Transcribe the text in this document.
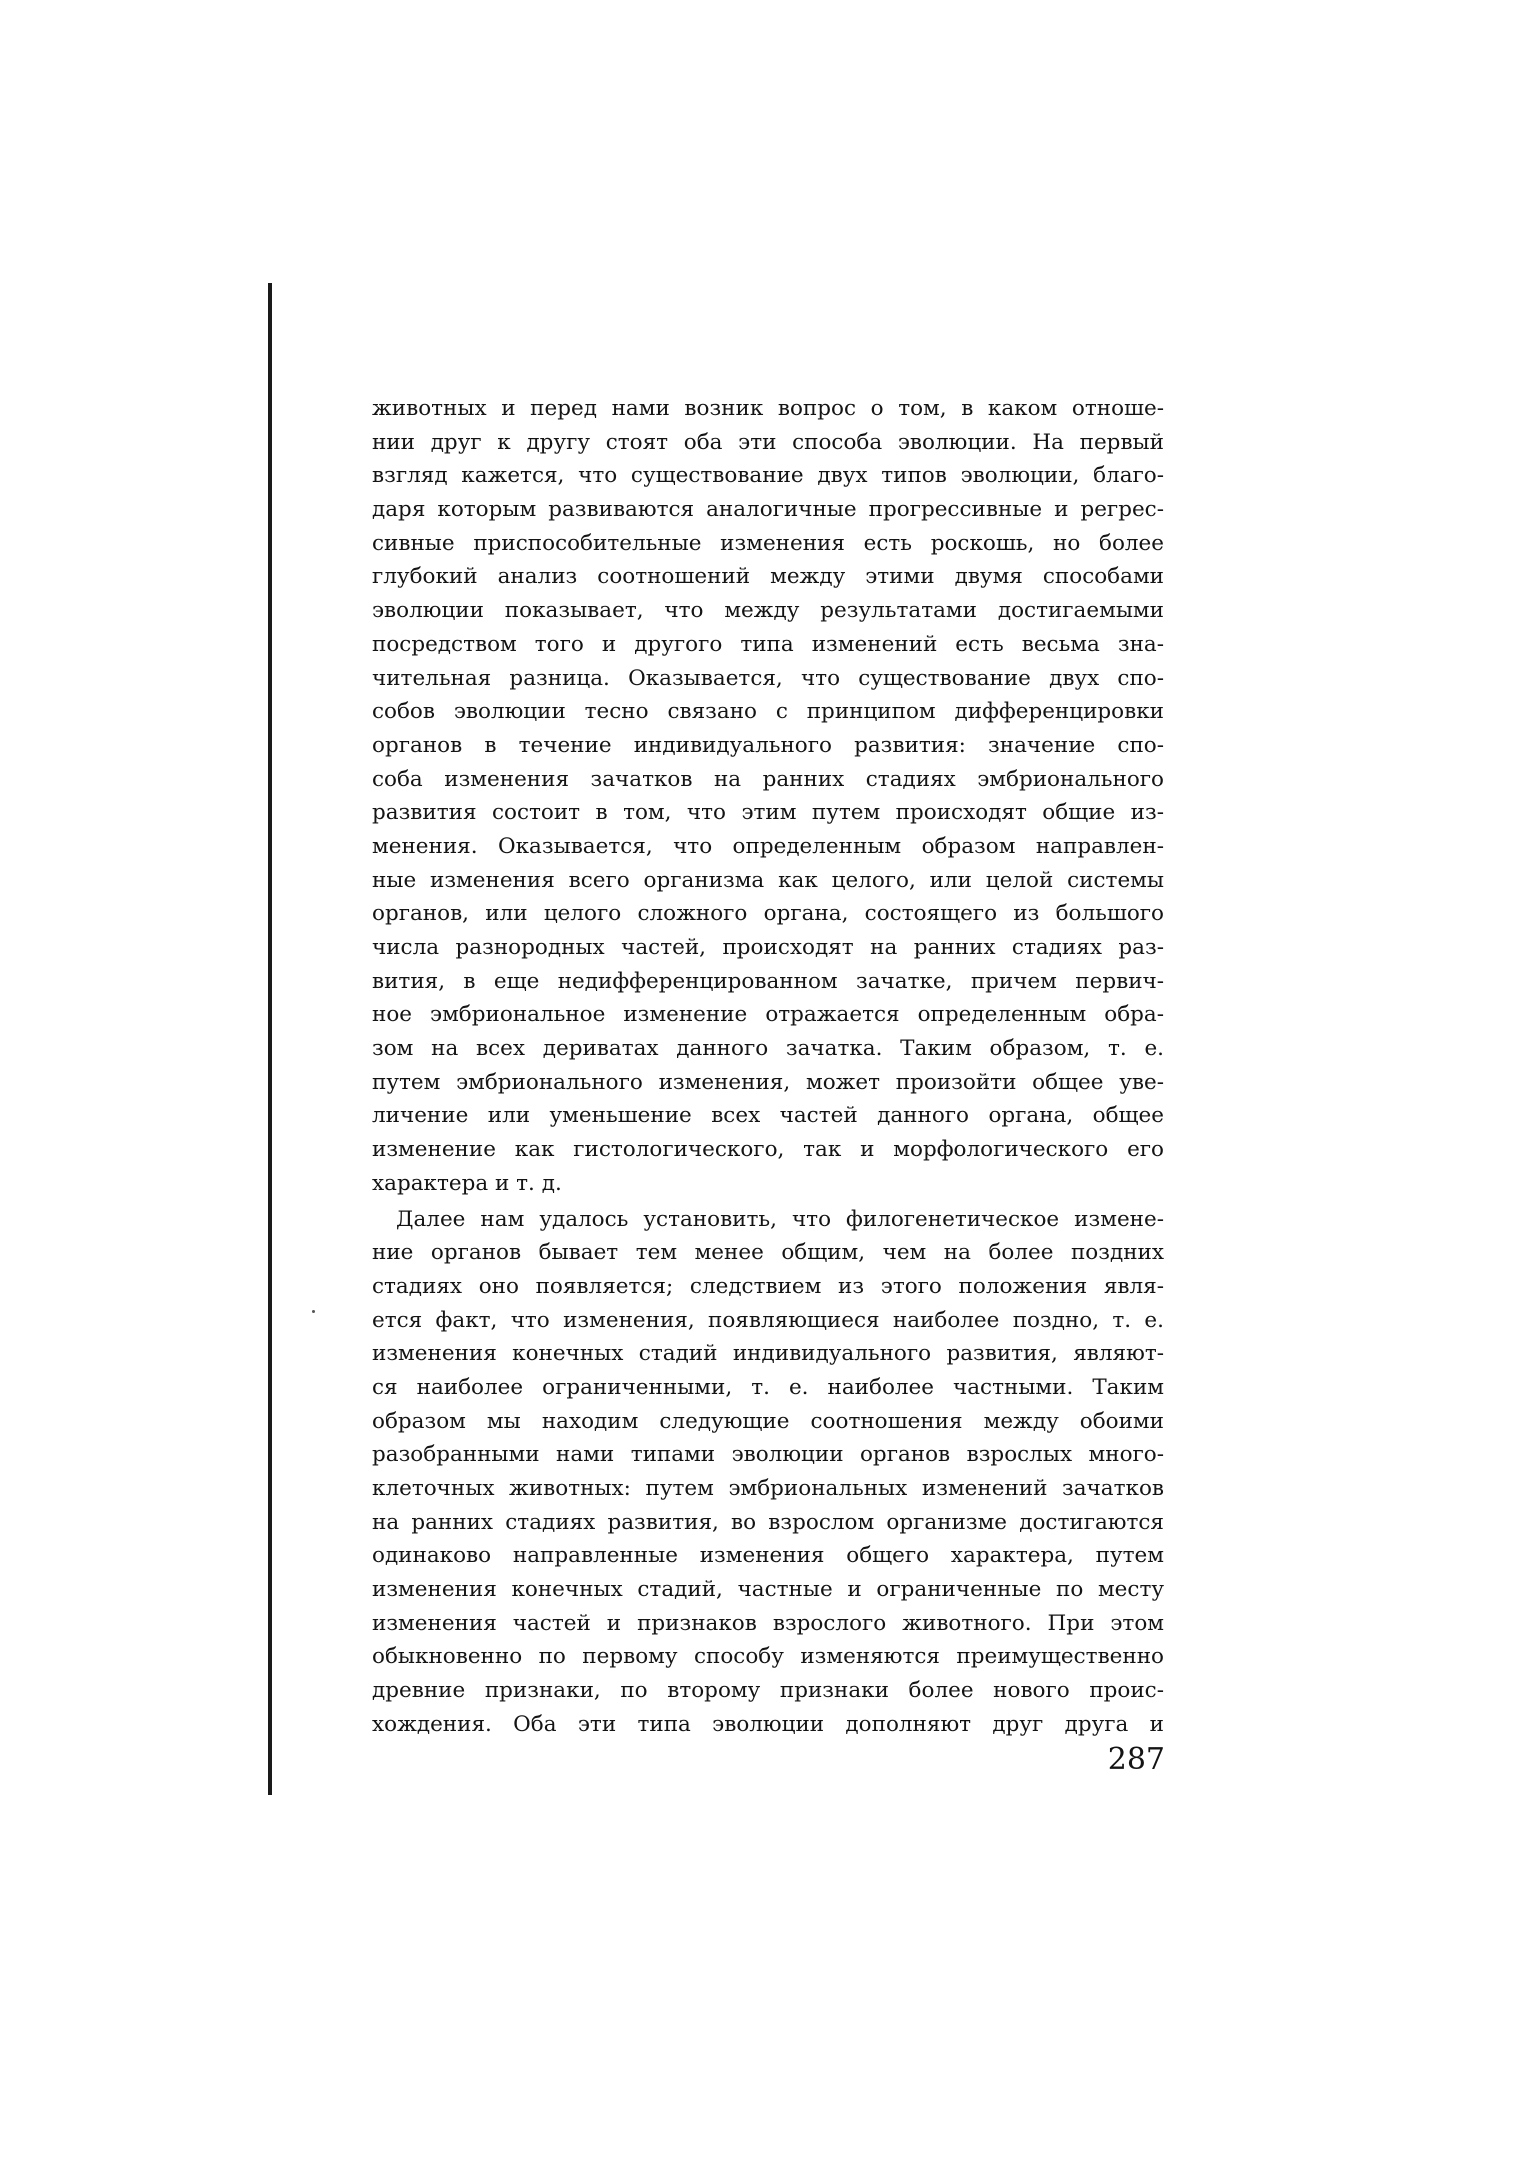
животных и перед нами возник вопрос о том, в каком отноше-
нии друг к другу стоят оба эти способа эволюции. На первый
взгляд кажется, что существование двух типов эволюции, благо-
даря которым развиваются аналогичные прогрессивные и регрес-
сивные приспособительные изменения есть роскошь, но более
глубокий анализ соотношений между этими двумя способами
эволюции показывает, что между результатами достигаемыми
посредством того и другого типа изменений есть весьма зна-
чительная разница. Оказывается, что существование двух спо-
собов эволюции тесно связано с принципом дифференцировки
органов в течение индивидуального развития: значение спо-
соба изменения зачатков на ранних стадиях эмбрионального
развития состоит в том, что этим путем происходят общие из-
менения. Оказывается, что определенным образом направлен-
ные изменения всего организма как целого, или целой системы
органов, или целого сложного органа, состоящего из большого
числа разнородных частей, происходят на ранних стадиях раз-
вития, в еще недифференцированном зачатке, причем первич-
ное эмбриональное изменение отражается определенным обра-
зом на всех дериватах данного зачатка. Таким образом, т. е.
путем эмбрионального изменения, может произойти общее уве-
личение или уменьшение всех частей данного органа, общее
изменение как гистологического, так и морфологического его
характера и т. д.
Далее нам удалось установить, что филогенетическое измене-
ние органов бывает тем менее общим, чем на более поздних
стадиях оно появляется; следствием из этого положения явля-
ется факт, что изменения, появляющиеся наиболее поздно, т. е.
изменения конечных стадий индивидуального развития, являют-
ся наиболее ограниченными, т. е. наиболее частными. Таким
образом мы находим следующие соотношения между обоими
разобранными нами типами эволюции органов взрослых много-
клеточных животных: путем эмбриональных изменений зачатков
на ранних стадиях развития, во взрослом организме достигаются
одинаково направленные изменения общего характера, путем
изменения конечных стадий, частные и ограниченные по месту
изменения частей и признаков взрослого животного. При этом
обыкновенно по первому способу изменяются преимущественно
древние признаки, по второму признаки более нового проис-
хождения. Оба эти типа эволюции дополняют друг друга и
287
